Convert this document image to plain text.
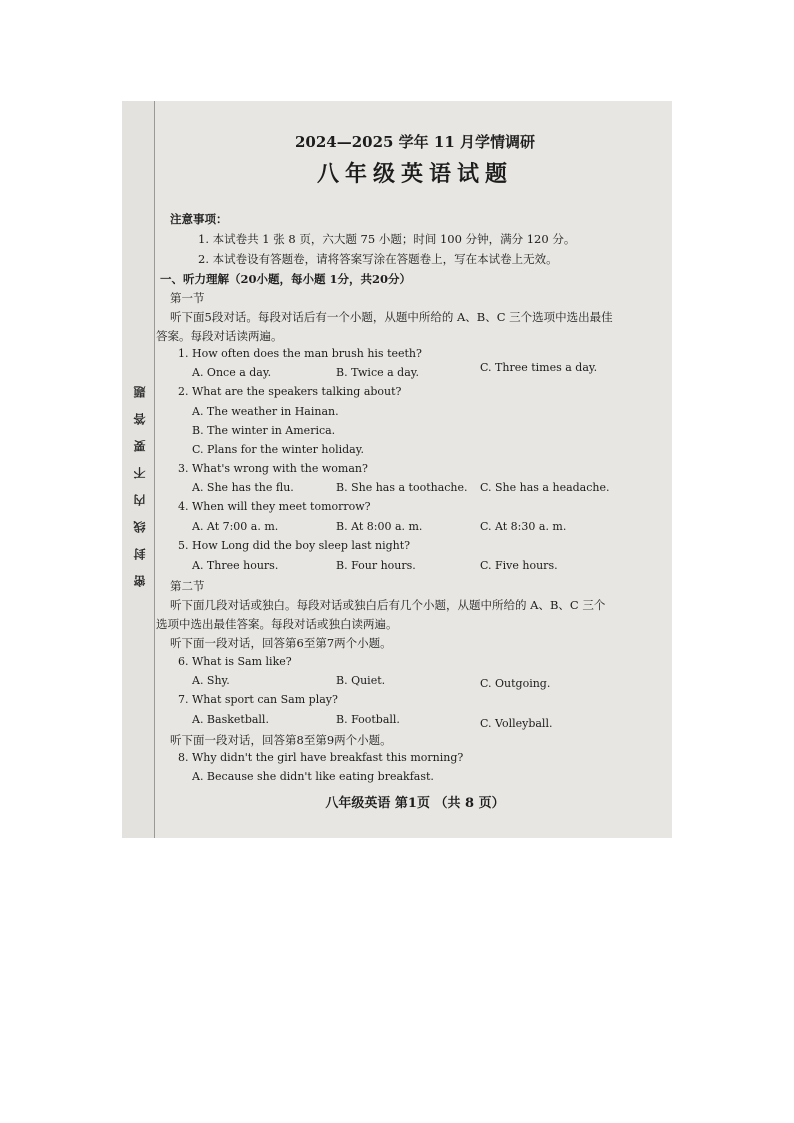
密封线内不要答题
2024—2025 学年 11 月学情调研
八年级英语试题
注意事项：
1. 本试卷共 1 张 8 页，六大题 75 小题；时间 100 分钟，满分 120 分。
2. 本试卷设有答题卷，请将答案写涂在答题卷上，写在本试卷上无效。
一、听力理解（20小题，每小题 1分，共20分）
第一节
听下面5段对话。每段对话后有一个小题，从题中所给的 A、B、C 三个选项中选出最佳
答案。每段对话读两遍。
1. How often does the man brush his teeth?
A. Once a day.	B. Twice a day.	C. Three times a day.
2. What are the speakers talking about?
A. The weather in Hainan.
B. The winter in America.
C. Plans for the winter holiday.
3. What's wrong with the woman?
A. She has the flu.	B. She has a toothache. C. She has a headache.
4. When will they meet tomorrow?
A. At 7:00 a. m.	B. At 8:00 a. m.	C. At 8:30 a. m.
5. How Long did the boy sleep last night?
A. Three hours.	B. Four hours.	C. Five hours.
第二节
听下面几段对话或独白。每段对话或独白后有几个小题，从题中所给的 A、B、C 三个
选项中选出最佳答案。每段对话或独白读两遍。
听下面一段对话，回答第6至第7两个小题。
6. What is Sam like?
A. Shy.	B. Quiet.	C. Outgoing.
7. What sport can Sam play?
A. Basketball.	B. Football.	C. Volleyball.
听下面一段对话，回答第8至第9两个小题。
8. Why didn't the girl have breakfast this morning?
A. Because she didn't like eating breakfast.
八年级英语 第1页 （共 8 页）
